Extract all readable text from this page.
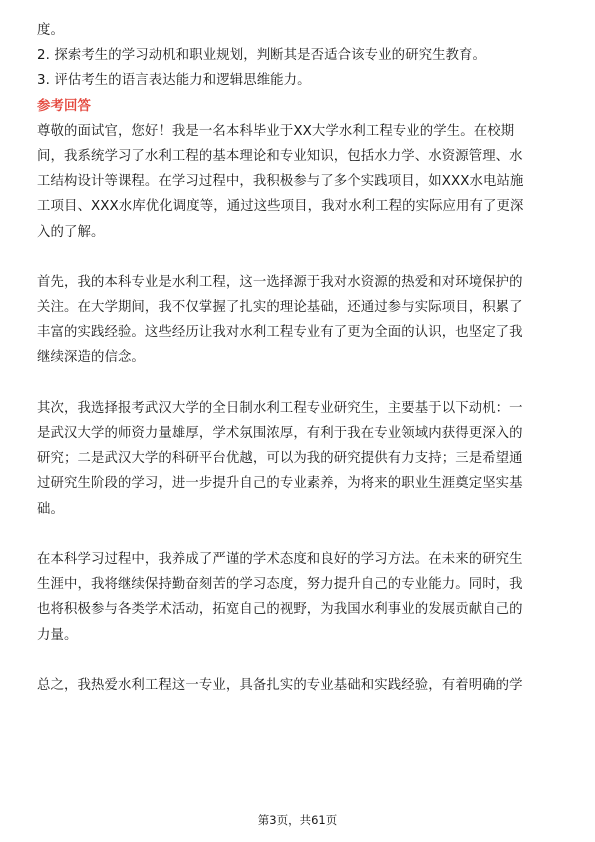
度。
2. 探索考生的学习动机和职业规划，判断其是否适合该专业的研究生教育。
3. 评估考生的语言表达能力和逻辑思维能力。
参考回答
尊敬的面试官，您好！我是一名本科毕业于XX大学水利工程专业的学生。在校期
间，我系统学习了水利工程的基本理论和专业知识，包括水力学、水资源管理、水
工结构设计等课程。在学习过程中，我积极参与了多个实践项目，如XXX水电站施
工项目、XXX水库优化调度等，通过这些项目，我对水利工程的实际应用有了更深
入的了解。
首先，我的本科专业是水利工程，这一选择源于我对水资源的热爱和对环境保护的
关注。在大学期间，我不仅掌握了扎实的理论基础，还通过参与实际项目，积累了
丰富的实践经验。这些经历让我对水利工程专业有了更为全面的认识，也坚定了我
继续深造的信念。
其次，我选择报考武汉大学的全日制水利工程专业研究生，主要基于以下动机：一
是武汉大学的师资力量雄厚，学术氛围浓厚，有利于我在专业领域内获得更深入的
研究；二是武汉大学的科研平台优越，可以为我的研究提供有力支持；三是希望通
过研究生阶段的学习，进一步提升自己的专业素养，为将来的职业生涯奠定坚实基
础。
在本科学习过程中，我养成了严谨的学术态度和良好的学习方法。在未来的研究生
生涯中，我将继续保持勤奋刻苦的学习态度，努力提升自己的专业能力。同时，我
也将积极参与各类学术活动，拓宽自己的视野，为我国水利事业的发展贡献自己的
力量。
总之，我热爱水利工程这一专业，具备扎实的专业基础和实践经验，有着明确的学
第3页，共61页
